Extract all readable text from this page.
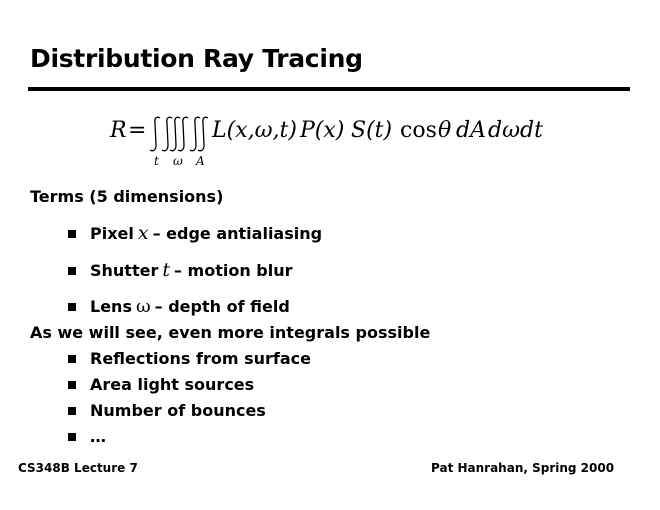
Distribution Ray Tracing
R =
t ω A
L(x,ω,t) P(x) S(t) cos θ dA dω dt
Terms (5 dimensions)
Pixel x – edge antialiasing
Shutter t – motion blur
Lens ω – depth of field
As we will see, even more integrals possible
Reflections from surface
Area light sources
Number of bounces
…
CS348B Lecture 7	Pat Hanrahan, Spring 2000
